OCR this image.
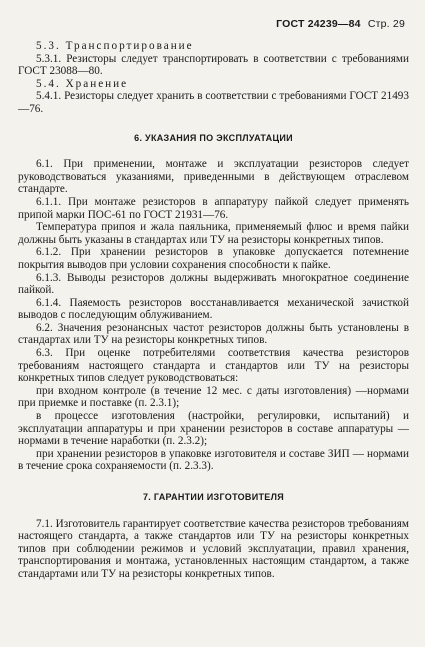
ГОСТ 24239—84 Стр. 29

5.3. Транспортирование

5.3.1. Резисторы следует транспортировать в соответствии с требованиями ГОСТ 23088—80.

5.4. Хранение

5.4.1. Резисторы следует хранить в соответствии с требованиями ГОСТ 21493—76.

6. УКАЗАНИЯ ПО ЭКСПЛУАТАЦИИ

6.1. При применении, монтаже и эксплуатации резисторов следует руководствоваться указаниями, приведенными в действующем отраслевом стандарте.

6.1.1. При монтаже резисторов в аппаратуру пайкой следует применять припой марки ПОС-61 по ГОСТ 21931—76.

Температура припоя и жала паяльника, применяемый флюс и время пайки должны быть указаны в стандартах или ТУ на резисторы конкретных типов.

6.1.2. При хранении резисторов в упаковке допускается потемнение покрытия выводов при условии сохранения способности к пайке.

6.1.3. Выводы резисторов должны выдерживать многократное соединение пайкой.

6.1.4. Паяемость резисторов восстанавливается механической зачисткой выводов с последующим облуживанием.

6.2. Значения резонансных частот резисторов должны быть установлены в стандартах или ТУ на резисторы конкретных типов.

6.3. При оценке потребителями соответствия качества резисторов требованиям настоящего стандарта и стандартов или ТУ на резисторы конкретных типов следует руководствоваться:

при входном контроле (в течение 12 мес. с даты изготовления) —нормами при приемке и поставке (п. 2.3.1);

в процессе изготовления (настройки, регулировки, испытаний) и эксплуатации аппаратуры и при хранении резисторов в составе аппаратуры — нормами в течение наработки (п. 2.3.2);

при хранении резисторов в упаковке изготовителя и составе ЗИП — нормами в течение срока сохраняемости (п. 2.3.3).

7. ГАРАНТИИ ИЗГОТОВИТЕЛЯ

7.1. Изготовитель гарантирует соответствие качества резисторов требованиям настоящего стандарта, а также стандартов или ТУ на резисторы конкретных типов при соблюдении режимов и условий эксплуатации, правил хранения, транспортирования и монтажа, установленных настоящим стандартом, а также стандартами или ТУ на резисторы конкретных типов.
